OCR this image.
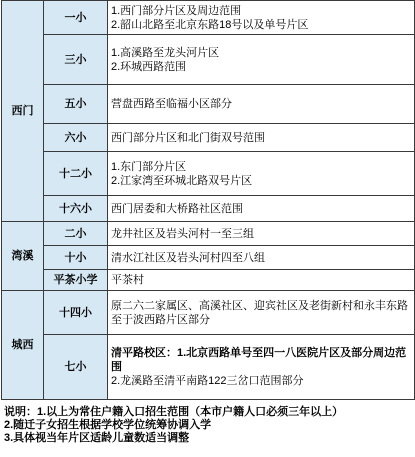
西门	一小	1.西门部分片区及周边范围
2.韶山北路至北京东路18号以及单号片区

	三小	1.高溪路至龙头河片区
2.环城西路范围

	五小	营盘西路至临福小区部分

	六小	西门部分片区和北门街双号范围

	十二小	1.东门部分片区
2.江家湾至环城北路双号片区

	十六小	西门居委和大桥路社区范围

湾溪	二小	龙井社区及岩头河村一至三组

	十小	清水江社区及岩头河村四至八组

	平茶小学	平茶村

城西	十四小	原二六二家属区、高溪社区、迎宾社区及老街新村和永丰东路至于波西路片区部分

	七小	清平路校区：1.北京西路单号至四一八医院片区及部分周边范围
2.龙溪路至清平南路122三岔口范围部分
说明：1.以上为常住户籍入口招生范围（本市户籍人口必须三年以上）
2.随迁子女招生根据学校学位统筹协调入学
3.具体视当年片区适龄儿童数适当调整
